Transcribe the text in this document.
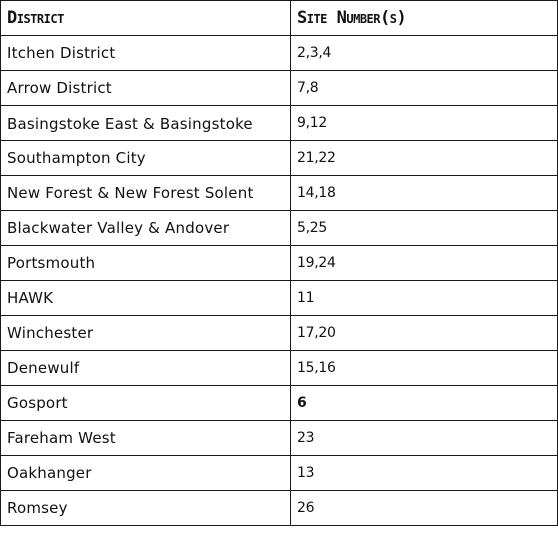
District	Site Number(s)
Itchen District	2,3,4
Arrow District	7,8

Basingstoke East & Basingstoke	9,12
Southampton City	21,22
New Forest & New Forest Solent	14,18
Blackwater Valley & Andover	5,25
Portsmouth	19,24
HAWK	11
Winchester	17,20
Denewulf	15,16
Gosport	6
Fareham West	23
Oakhanger	13
Romsey	26
